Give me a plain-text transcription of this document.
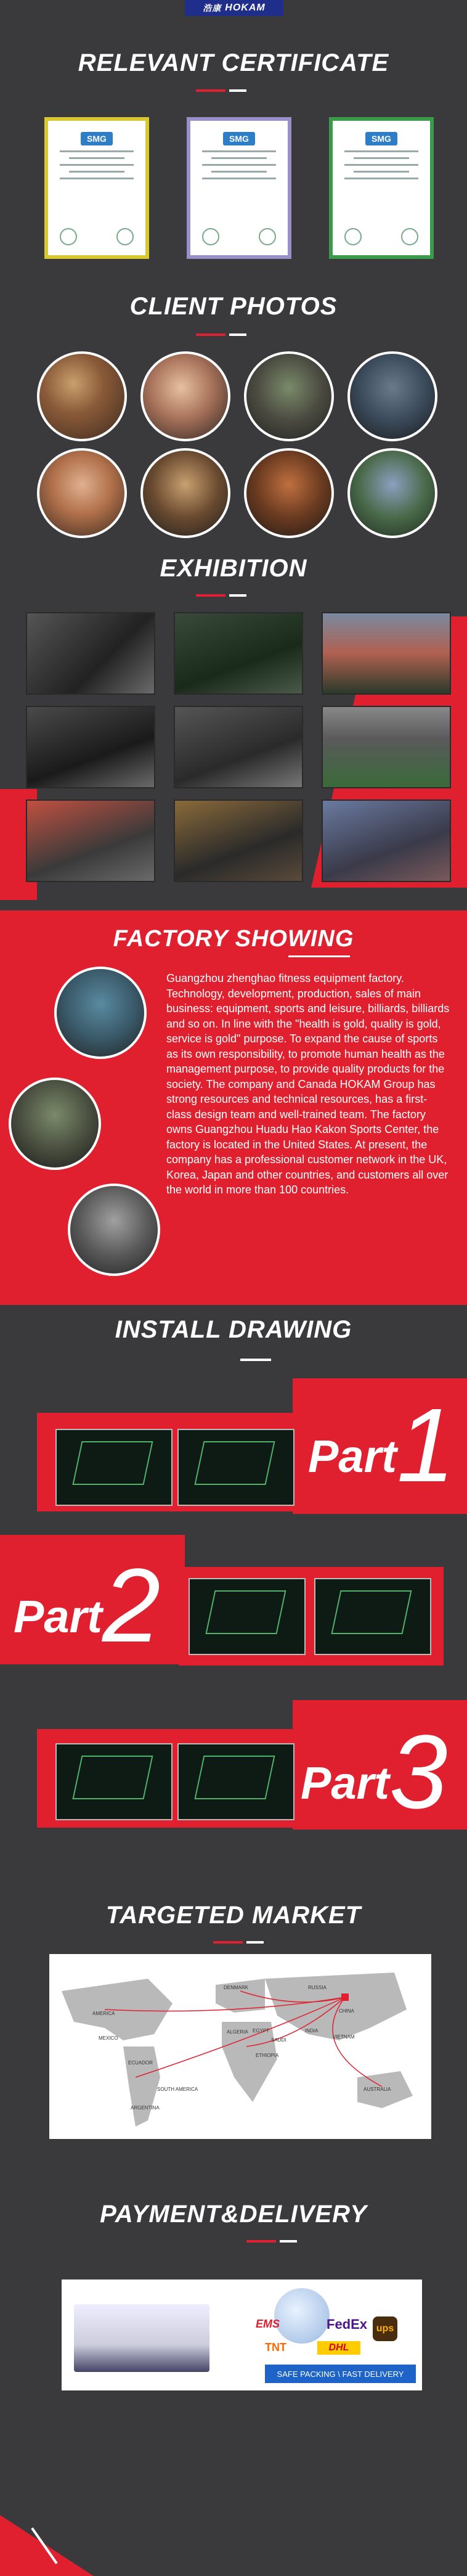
浩康 HOKAM
RELEVANT CERTIFICATE
SMG	SMG	SMG
CLIENT PHOTOS
EXHIBITION
FACTORY SHOWING
Guangzhou zhenghao fitness equipment factory. Technology, development, production, sales of main business: equipment, sports and leisure, billiards, billiards and so on. In line with the "health is gold, quality is gold, service is gold" purpose. To expand the cause of sports as its own responsibility, to promote human health as the management purpose, to provide quality products for the society. The company and Canada HOKAM Group has strong resources and technical resources, has a first-class design team and well-trained team. The factory owns Guangzhou Huadu Hao Kakon Sports Center, the factory is located in the United States. At present, the company has a professional customer network in the UK, Korea, Japan and other countries, and customers all over the world in more than 100 countries.
INSTALL DRAWING
Part 1
Part 2
Part 3
TARGETED MARKET
AMERICA
MEXICO
ECUADOR
ARGENTINA
SOUTH AMERICA
DENMARK	RUSSIA
CHINA
ALGERIA EGYPT
SAUDI
INDIA
ETHIOPIA
VIETNAM
AUSTRALIA
PAYMENT&DELIVERY
EMS	FedEx ups
TNT	DHL
SAFE PACKING \ FAST DELIVERY
